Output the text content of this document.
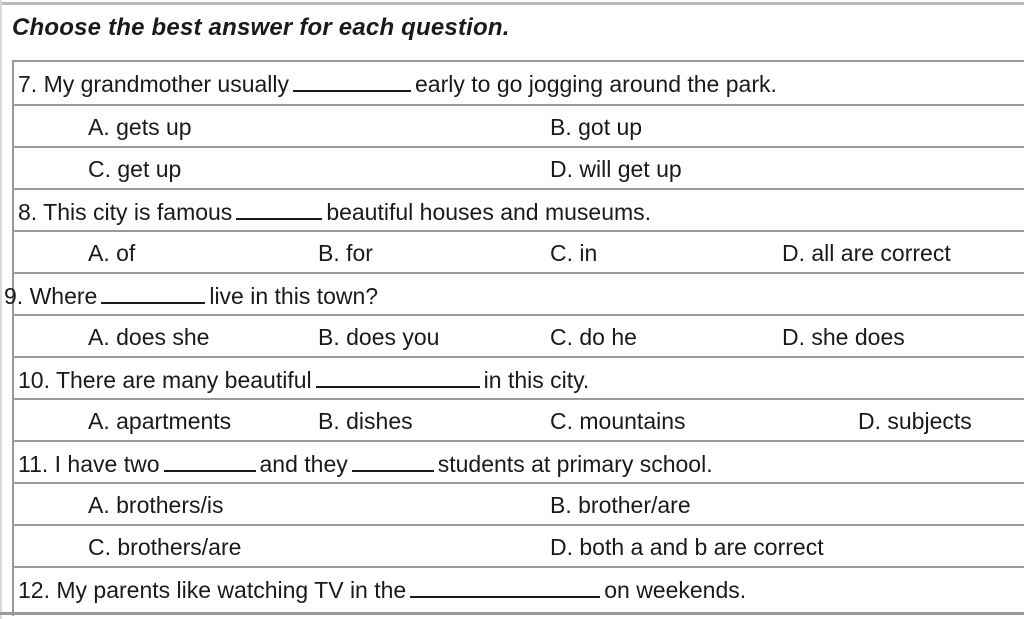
Choose the best answer for each question.
7. My grandmother usually	early to go jogging around the park.
A. gets up	B. got up
C. get up	D. will get up
8. This city is famous	beautiful houses and museums.
A. of	B. for	C. in	D. all are correct
9. Where	live in this town?
A. does she	B. does you	C. do he	D. she does
10. There are many beautiful	in this city.
A. apartments	B. dishes	C. mountains	D. subjects
11. I have two	and they	students at primary school.
A. brothers/is	B. brother/are
C. brothers/are	D. both a and b are correct
12. My parents like watching TV in the	on weekends.
